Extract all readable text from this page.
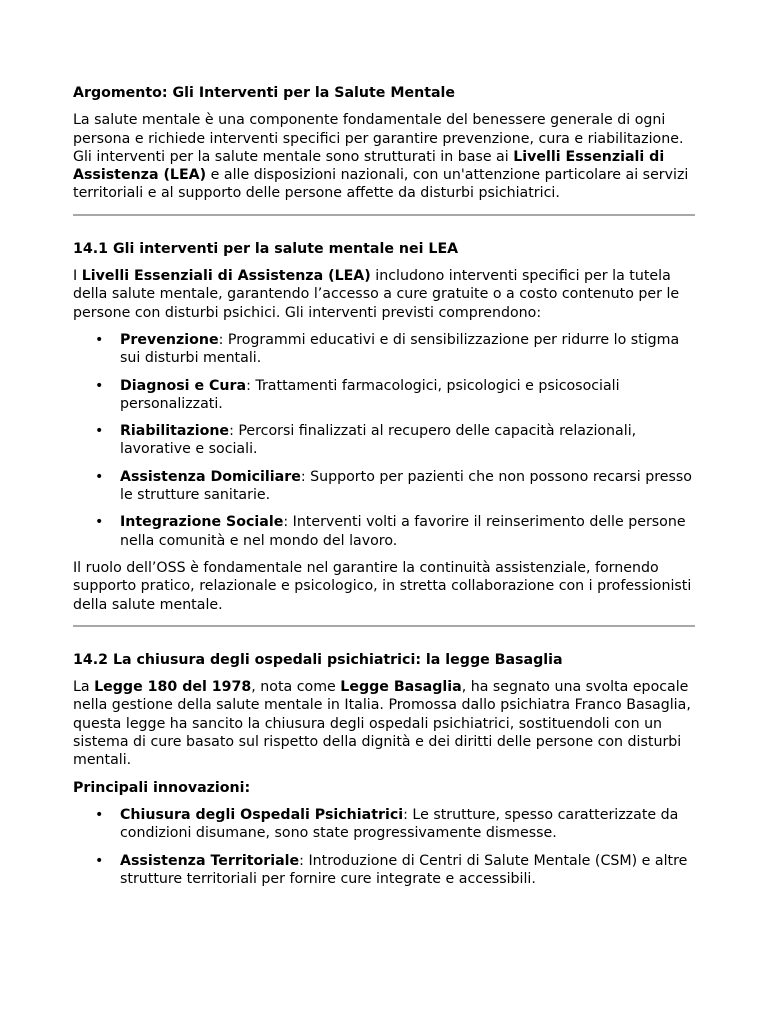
Argomento: Gli Interventi per la Salute Mentale

La salute mentale è una componente fondamentale del benessere generale di ogni persona e richiede interventi specifici per garantire prevenzione, cura e riabilitazione. Gli interventi per la salute mentale sono strutturati in base ai Livelli Essenziali di Assistenza (LEA) e alle disposizioni nazionali, con un'attenzione particolare ai servizi territoriali e al supporto delle persone affette da disturbi psichiatrici.

14.1 Gli interventi per la salute mentale nei LEA

I Livelli Essenziali di Assistenza (LEA) includono interventi specifici per la tutela della salute mentale, garantendo l’accesso a cure gratuite o a costo contenuto per le persone con disturbi psichici. Gli interventi previsti comprendono:

• Prevenzione: Programmi educativi e di sensibilizzazione per ridurre lo stigma sui disturbi mentali.
• Diagnosi e Cura: Trattamenti farmacologici, psicologici e psicosociali personalizzati.
• Riabilitazione: Percorsi finalizzati al recupero delle capacità relazionali, lavorative e sociali.
• Assistenza Domiciliare: Supporto per pazienti che non possono recarsi presso le strutture sanitarie.
• Integrazione Sociale: Interventi volti a favorire il reinserimento delle persone nella comunità e nel mondo del lavoro.

Il ruolo dell’OSS è fondamentale nel garantire la continuità assistenziale, fornendo supporto pratico, relazionale e psicologico, in stretta collaborazione con i professionisti della salute mentale.

14.2 La chiusura degli ospedali psichiatrici: la legge Basaglia

La Legge 180 del 1978, nota come Legge Basaglia, ha segnato una svolta epocale nella gestione della salute mentale in Italia. Promossa dallo psichiatra Franco Basaglia, questa legge ha sancito la chiusura degli ospedali psichiatrici, sostituendoli con un sistema di cure basato sul rispetto della dignità e dei diritti delle persone con disturbi mentali.

Principali innovazioni:
• Chiusura degli Ospedali Psichiatrici: Le strutture, spesso caratterizzate da condizioni disumane, sono state progressivamente dismesse.
• Assistenza Territoriale: Introduzione di Centri di Salute Mentale (CSM) e altre strutture territoriali per fornire cure integrate e accessibili.
